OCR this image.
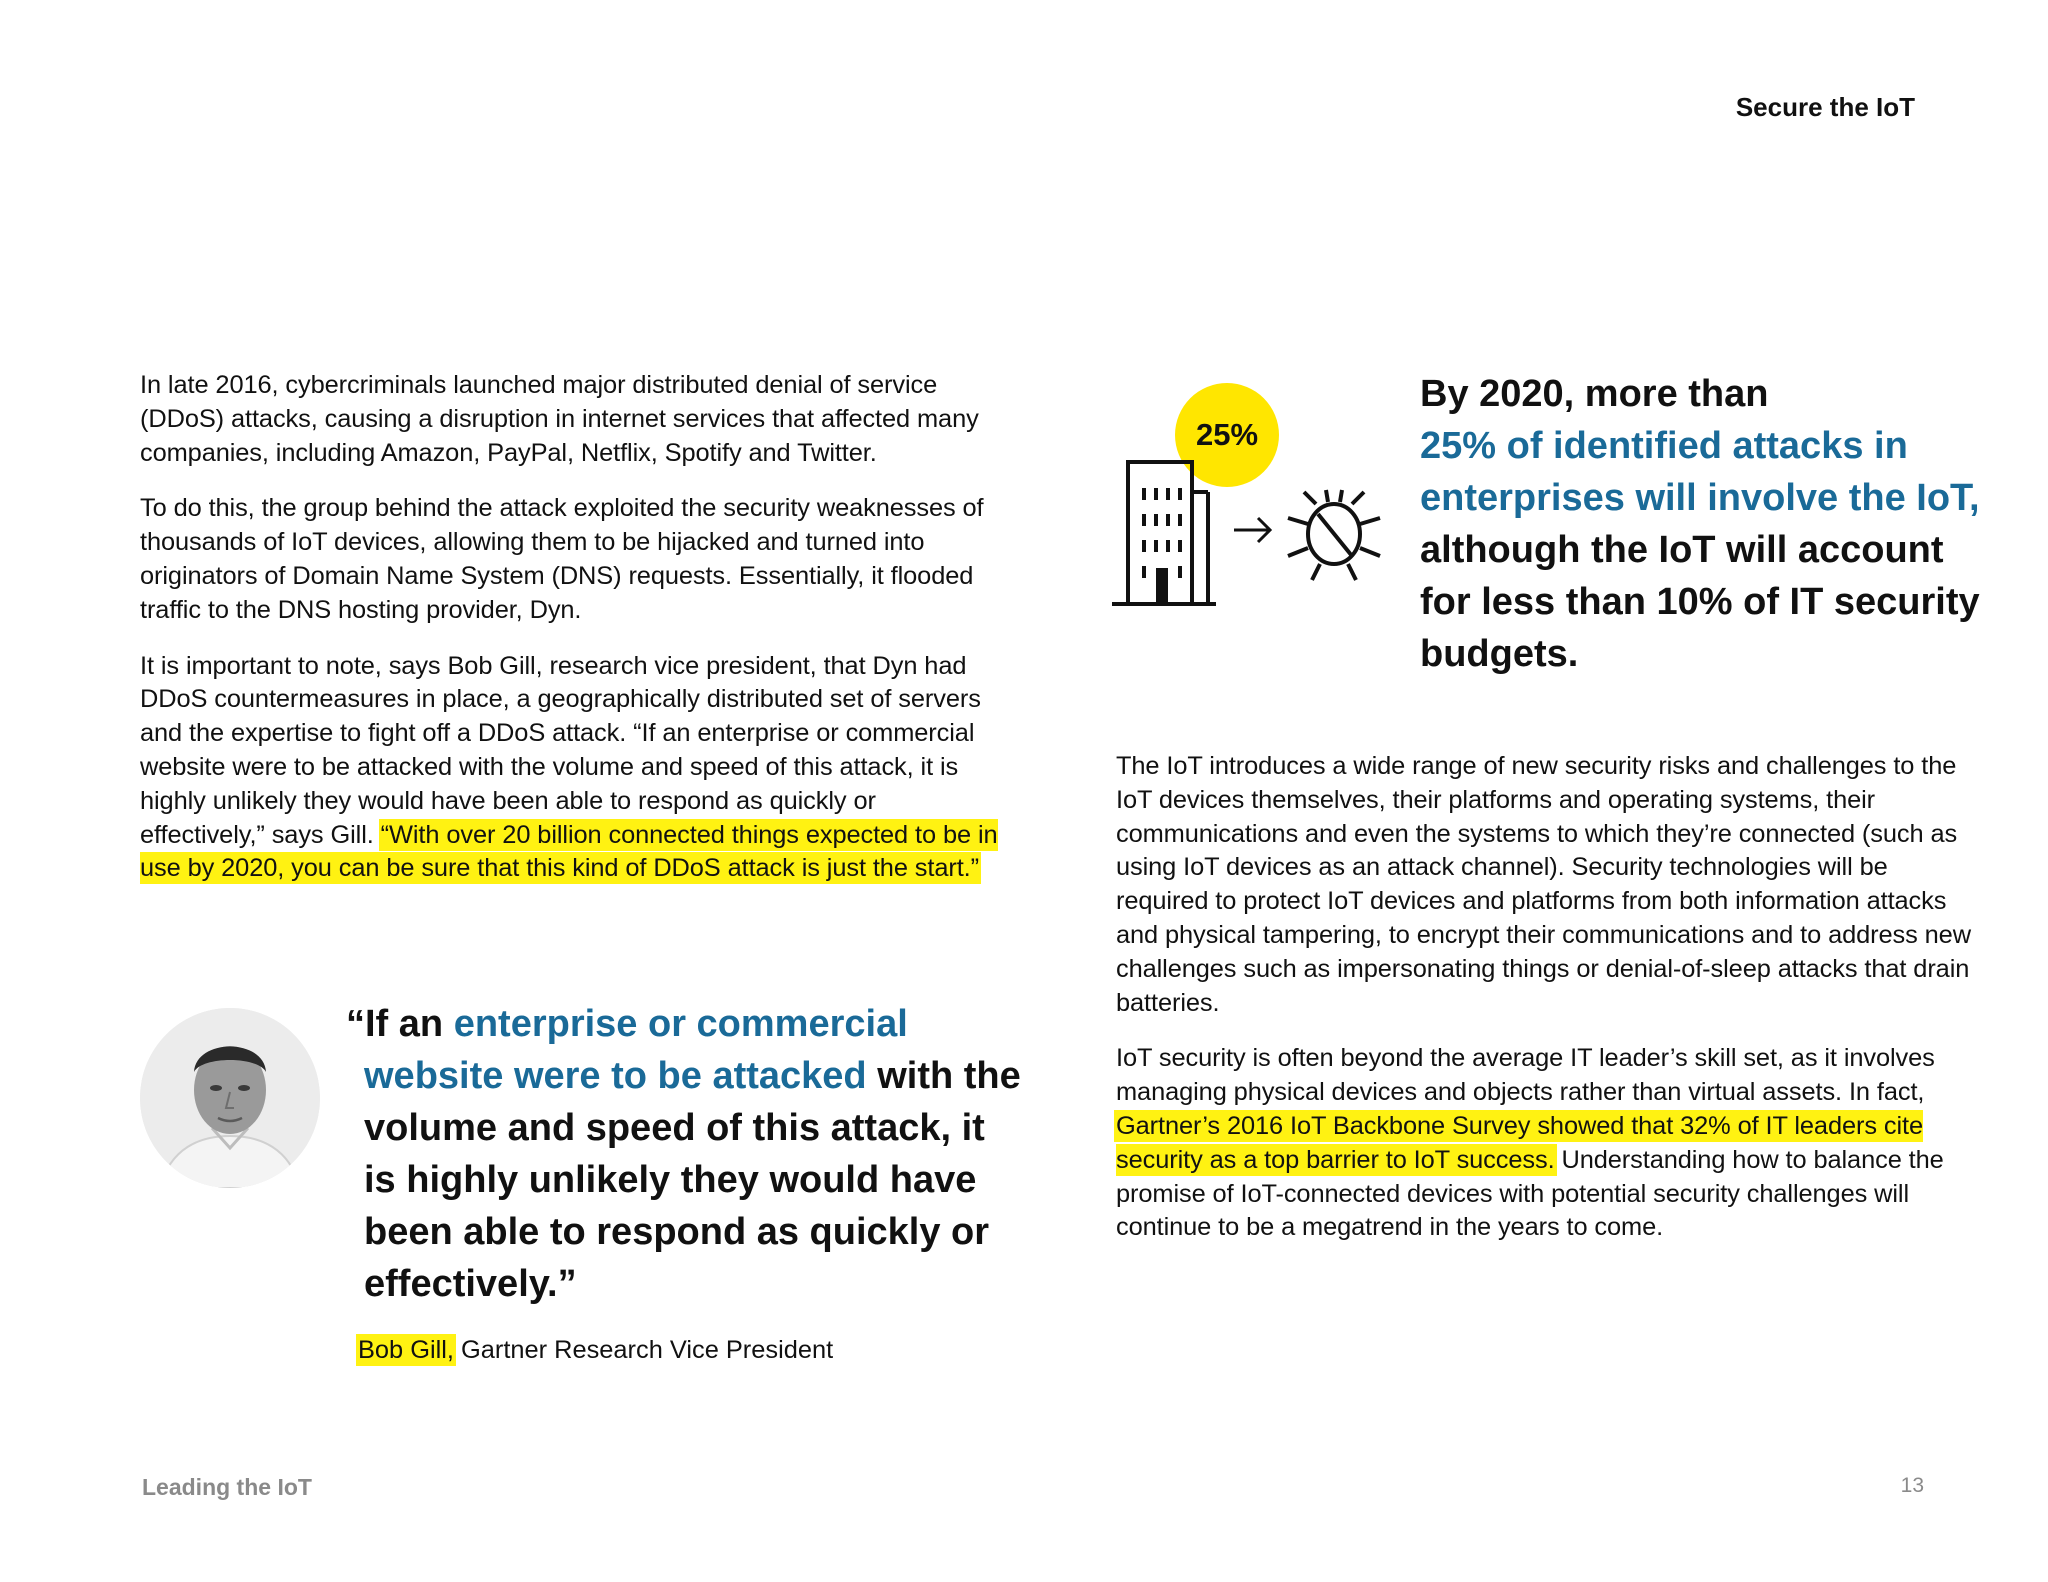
Secure the IoT

In late 2016, cybercriminals launched major distributed denial of service (DDoS) attacks, causing a disruption in internet services that affected many companies, including Amazon, PayPal, Netflix, Spotify and Twitter.

To do this, the group behind the attack exploited the security weaknesses of thousands of IoT devices, allowing them to be hijacked and turned into originators of Domain Name System (DNS) requests. Essentially, it flooded traffic to the DNS hosting provider, Dyn.

It is important to note, says Bob Gill, research vice president, that Dyn had DDoS countermeasures in place, a geographically distributed set of servers and the expertise to fight off a DDoS attack. “If an enterprise or commercial website were to be attacked with the volume and speed of this attack, it is highly unlikely they would have been able to respond as quickly or effectively,” says Gill. “With over 20 billion connected things expected to be in use by 2020, you can be sure that this kind of DDoS attack is just the start.”

“If an enterprise or commercial website were to be attacked with the volume and speed of this attack, it is highly unlikely they would have been able to respond as quickly or effectively.”
Bob Gill, Gartner Research Vice President
25%
By 2020, more than
25% of identified attacks in enterprises will involve the IoT, although the IoT will account for less than 10% of IT security budgets.

The IoT introduces a wide range of new security risks and challenges to the IoT devices themselves, their platforms and operating systems, their communications and even the systems to which they’re connected (such as using IoT devices as an attack channel). Security technologies will be required to protect IoT devices and platforms from both information attacks and physical tampering, to encrypt their communications and to address new challenges such as impersonating things or denial-of-sleep attacks that drain batteries.

IoT security is often beyond the average IT leader’s skill set, as it involves managing physical devices and objects rather than virtual assets. In fact, Gartner’s 2016 IoT Backbone Survey showed that 32% of IT leaders cite security as a top barrier to IoT success. Understanding how to balance the promise of IoT-connected devices with potential security challenges will continue to be a megatrend in the years to come.

Leading the IoT	13
